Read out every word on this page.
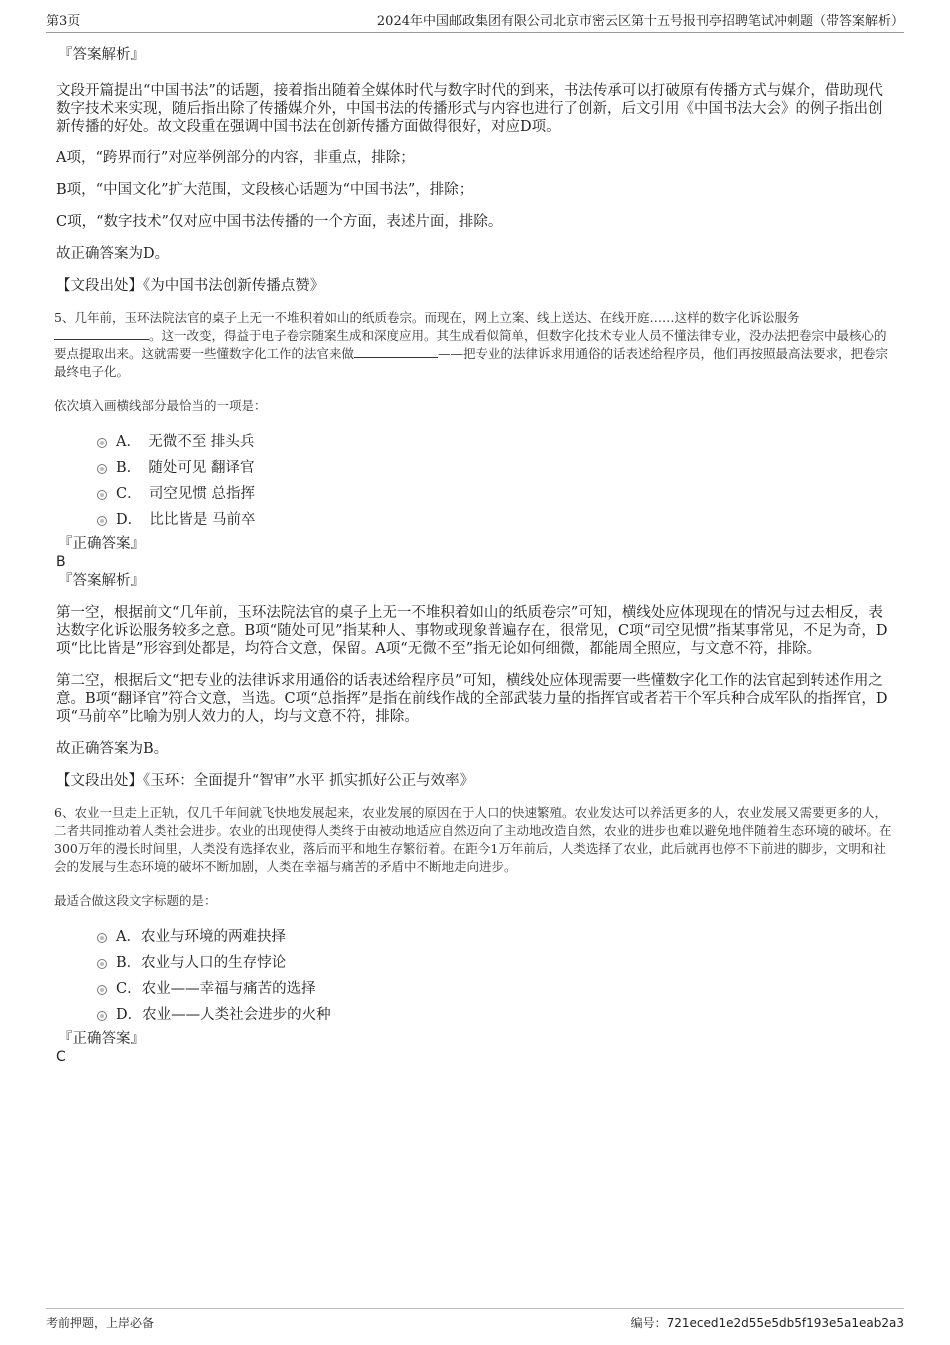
第3页	2024年中国邮政集团有限公司北京市密云区第十五号报刊亭招聘笔试冲刺题（带答案解析）

『答案解析』

文段开篇提出“中国书法”的话题，接着指出随着全媒体时代与数字时代的到来，书法传承可以打破原有传播方式与媒介，借助现代数字技术来实现，随后指出除了传播媒介外，中国书法的传播形式与内容也进行了创新，后文引用《中国书法大会》的例子指出创新传播的好处。故文段重在强调中国书法在创新传播方面做得很好，对应D项。

A项，“跨界而行”对应举例部分的内容，非重点，排除；

B项，“中国文化”扩大范围，文段核心话题为“中国书法”，排除；

C项，“数字技术”仅对应中国书法传播的一个方面，表述片面，排除。

故正确答案为D。

【文段出处】《为中国书法创新传播点赞》

5、几年前，玉环法院法官的桌子上无一不堆积着如山的纸质卷宗。而现在，网上立案、线上送达、在线开庭……这样的数字化诉讼服务
。这一改变，得益于电子卷宗随案生成和深度应用。其生成看似简单，但数字化技术专业人员不懂法律专业，没办法把卷宗中最核心的要点提取出来。这就需要一些懂数字化工作的法官来做	——把专业的法律诉求用通俗的话表述给程序员，他们再按照最高法要求，把卷宗最终电子化。

依次填入画横线部分最恰当的一项是：

A．　无微不至 排头兵
B．　随处可见 翻译官
C．　司空见惯 总指挥
D．　比比皆是 马前卒

『正确答案』

B

『答案解析』

第一空，根据前文“几年前，玉环法院法官的桌子上无一不堆积着如山的纸质卷宗”可知，横线处应体现现在的情况与过去相反，表达数字化诉讼服务较多之意。B项“随处可见”指某种人、事物或现象普遍存在，很常见，C项“司空见惯”指某事常见，不足为奇，D项“比比皆是”形容到处都是，均符合文意，保留。A项“无微不至”指无论如何细微，都能周全照应，与文意不符，排除。

第二空，根据后文“把专业的法律诉求用通俗的话表述给程序员”可知，横线处应体现需要一些懂数字化工作的法官起到转述作用之意。B项“翻译官”符合文意，当选。C项“总指挥”是指在前线作战的全部武装力量的指挥官或者若干个军兵种合成军队的指挥官，D项“马前卒”比喻为别人效力的人，均与文意不符，排除。

故正确答案为B。

【文段出处】《玉环：全面提升“智审”水平 抓实抓好公正与效率》

6、农业一旦走上正轨，仅几千年间就飞快地发展起来，农业发展的原因在于人口的快速繁殖。农业发达可以养活更多的人，农业发展又需要更多的人，二者共同推动着人类社会进步。农业的出现使得人类终于由被动地适应自然迈向了主动地改造自然，农业的进步也难以避免地伴随着生态环境的破坏。在300万年的漫长时间里，人类没有选择农业，落后而平和地生存繁衍着。在距今1万年前后，人类选择了农业，此后就再也停不下前进的脚步，文明和社会的发展与生态环境的破坏不断加剧，人类在幸福与痛苦的矛盾中不断地走向进步。

最适合做这段文字标题的是：

A．农业与环境的两难抉择
B．农业与人口的生存悖论
C．农业——幸福与痛苦的选择
D．农业——人类社会进步的火种

『正确答案』

C

考前押题，上岸必备	编号：721eced1e2d55e5db5f193e5a1eab2a3
